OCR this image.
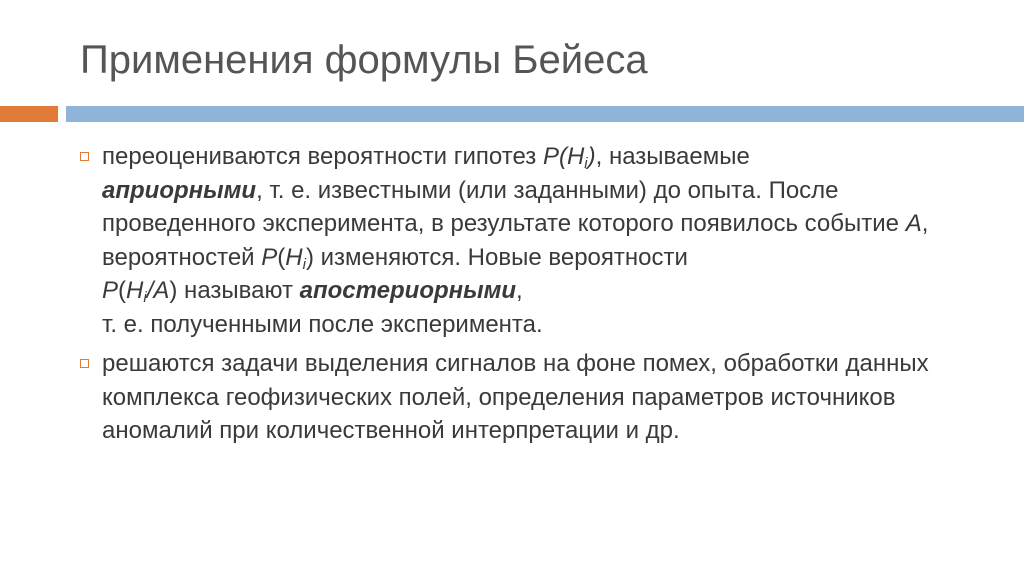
Применения формулы Бейеса
переоцениваются вероятности гипотез $P(H_i)$, называемые
априорными, т. е. известными (или заданными) до опыта. После проведенного эксперимента, в результате которого появилось событие A, вероятностей $P(H_i)$ изменяются. Новые вероятности
$P(H_i/A)$ называют апостериорными,
т. е. полученными после эксперимента.
решаются задачи выделения сигналов на фоне помех, обработки данных комплекса геофизических полей, определения параметров источников аномалий при количественной интерпретации и др.
